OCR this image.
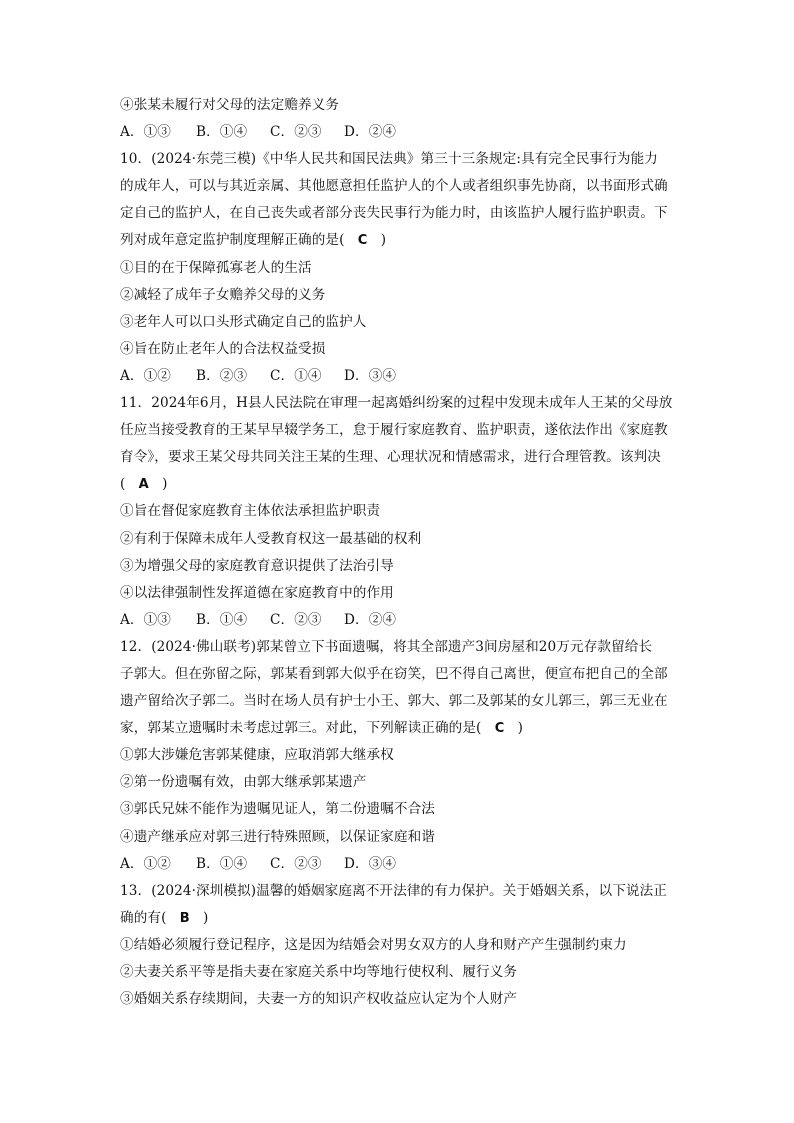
④张某未履行对父母的法定赡养义务
A．①③	B．①④	C．②③	D．②④
10．(2024·东莞三模)《中华人民共和国民法典》第三十三条规定:具有完全民事行为能力
的成年人，可以与其近亲属、其他愿意担任监护人的个人或者组织事先协商，以书面形式确
定自己的监护人，在自己丧失或者部分丧失民事行为能力时，由该监护人履行监护职责。下
列对成年意定监护制度理解正确的是( C )
①目的在于保障孤寡老人的生活
②减轻了成年子女赡养父母的义务
③老年人可以口头形式确定自己的监护人
④旨在防止老年人的合法权益受损
A．①②	B．②③	C．①④	D．③④
11．2024年6月，H县人民法院在审理一起离婚纠纷案的过程中发现未成年人王某的父母放
任应当接受教育的王某早早辍学务工，怠于履行家庭教育、监护职责，遂依法作出《家庭教
育令》，要求王某父母共同关注王某的生理、心理状况和情感需求，进行合理管教。该判决
( A )
①旨在督促家庭教育主体依法承担监护职责
②有利于保障未成年人受教育权这一最基础的权利
③为增强父母的家庭教育意识提供了法治引导
④以法律强制性发挥道德在家庭教育中的作用
A．①③	B．①④	C．②③	D．②④
12．(2024·佛山联考)郭某曾立下书面遗嘱，将其全部遗产3间房屋和20万元存款留给长
子郭大。但在弥留之际，郭某看到郭大似乎在窃笑，巴不得自己离世，便宣布把自己的全部
遗产留给次子郭二。当时在场人员有护士小王、郭大、郭二及郭某的女儿郭三，郭三无业在
家，郭某立遗嘱时未考虑过郭三。对此，下列解读正确的是( C )
①郭大涉嫌危害郭某健康，应取消郭大继承权
②第一份遗嘱有效，由郭大继承郭某遗产
③郭氏兄妹不能作为遗嘱见证人，第二份遗嘱不合法
④遗产继承应对郭三进行特殊照顾，以保证家庭和谐
A．①②	B．①④	C．②③	D．③④
13．(2024·深圳模拟)温馨的婚姻家庭离不开法律的有力保护。关于婚姻关系，以下说法正
确的有( B )
①结婚必须履行登记程序，这是因为结婚会对男女双方的人身和财产产生强制约束力
②夫妻关系平等是指夫妻在家庭关系中均等地行使权利、履行义务
③婚姻关系存续期间，夫妻一方的知识产权收益应认定为个人财产
